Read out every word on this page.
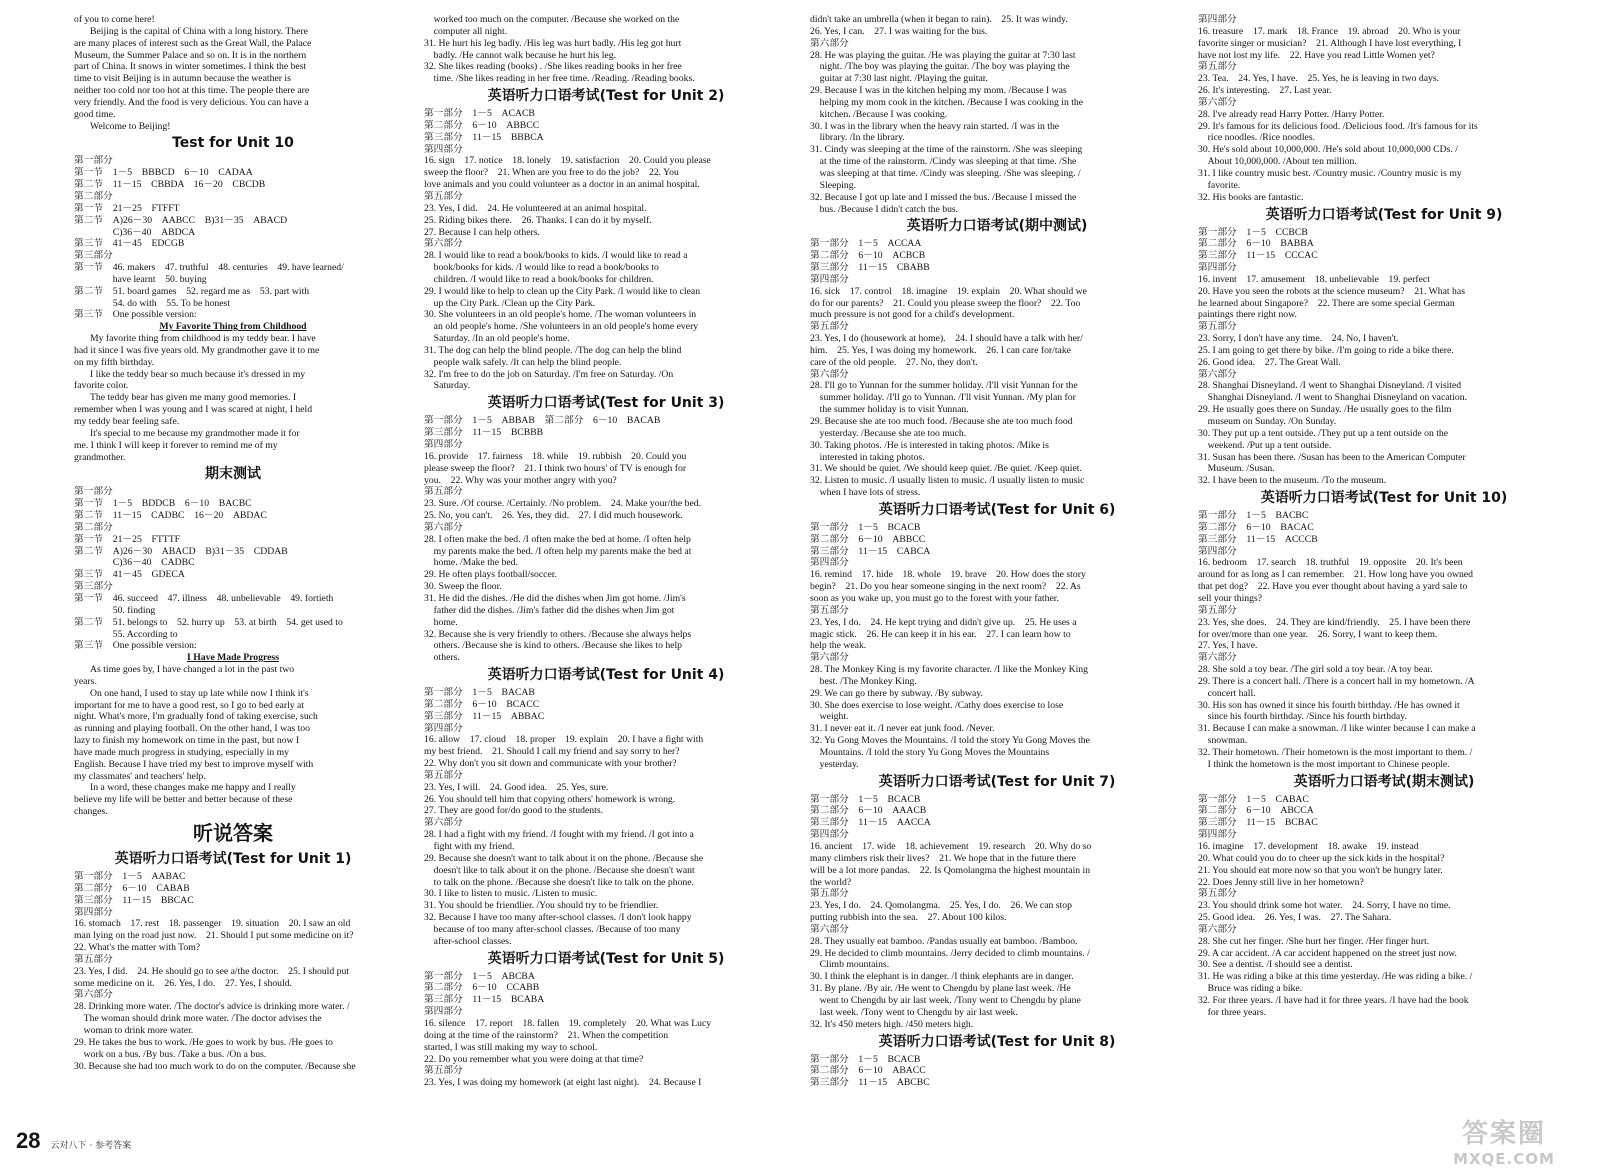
of you to come here!
Beijing is the capital of China with a long history. There
are many places of interest such as the Great Wall, the Palace
Museum, the Summer Palace and so on. It is in the northern
part of China. It snows in winter sometimes. I think the best
time to visit Beijing is in autumn because the weather is
neither too cold nor too hot at this time. The people there are
very friendly. And the food is very delicious. You can have a
good time.
Welcome to Beijing!
Test for Unit 10
第一部分
第一节　1－5　BBBCD　6－10　CADAA
第二节　11－15　CBBDA　16－20　CBCDB
第二部分
第一节　21－25　FTFFT
第二节　A)26－30　AABCC　B)31－35　ABACD
　　　　C)36－40　ABDCA
第三节　41－45　EDCGB
第三部分
第一节　46. makers　47. truthful　48. centuries　49. have learned/
　　　　have learnt　50. buying
第二节　51. board games　52. regard me as　53. part with
　　　　54. do with　55. To be honest
第三节　One possible version:
My Favorite Thing from Childhood
My favorite thing from childhood is my teddy bear. I have
had it since I was five years old. My grandmother gave it to me
on my fifth birthday.
I like the teddy bear so much because it's dressed in my
favorite color.
The teddy bear has given me many good memories. I
remember when I was young and I was scared at night, I held
my teddy bear feeling safe.
It's special to me because my grandmother made it for
me. I think I will keep it forever to remind me of my
grandmother.
期末测试
第一部分
第一节　1－5　BDDCB　6－10　BACBC
第二节　11－15　CADBC　16－20　ABDAC
第二部分
第一节　21－25　FTTTF
第二节　A)26－30　ABACD　B)31－35　CDDAB
　　　　C)36－40　CADBC
第三节　41－45　GDECA
第三部分
第一节　46. succeed　47. illness　48. unbelievable　49. fortieth
　　　　50. finding
第二节　51. belongs to　52. hurry up　53. at birth　54. get used to
　　　　55. According to
第三节　One possible version:
I Have Made Progress
As time goes by, I have changed a lot in the past two
years.
On one hand, I used to stay up late while now I think it's
important for me to have a good rest, so I go to bed early at
night. What's more, I'm gradually fond of taking exercise, such
as running and playing football. On the other hand, I was too
lazy to finish my homework on time in the past, but now I
have made much progress in studying, especially in my
English. Because I have tried my best to improve myself with
my classmates' and teachers' help.
In a word, these changes make me happy and I really
believe my life will be better and better because of these
changes.
听说答案
英语听力口语考试(Test for Unit 1)
第一部分　1－5　AABAC
第二部分　6－10　CABAB
第三部分　11－15　BBCAC
第四部分
16. stomach　17. rest　18. passenger　19. situation　20. I saw an old
man lying on the road just now.　21. Should I put some medicine on it?
22. What's the matter with Tom?
第五部分
23. Yes, I did.　24. He should go to see a/the doctor.　25. I should put
some medicine on it.　26. Yes, I do.　27. Yes, I should.
第六部分
28. Drinking more water. /The doctor's advice is drinking more water. /
　The woman should drink more water. /The doctor advises the
　woman to drink more water.
29. He takes the bus to work. /He goes to work by bus. /He goes to
　work on a bus. /By bus. /Take a bus. /On a bus.
30. Because she had too much work to do on the computer. /Because she
　worked too much on the computer. /Because she worked on the
　computer all night.
31. He hurt his leg badly. /His leg was hurt badly. /His leg got hurt
　badly. /He cannot walk because he hurt his leg.
32. She likes reading (books) . /She likes reading books in her free
　time. /She likes reading in her free time. /Reading. /Reading books.
英语听力口语考试(Test for Unit 2)
第一部分　1－5　ACACB
第二部分　6－10　ABBCC
第三部分　11－15　BBBCA
第四部分
16. sign　17. notice　18. lonely　19. satisfaction　20. Could you please
sweep the floor?　21. When are you free to do the job?　22. You
love animals and you could volunteer as a doctor in an animal hospital.
第五部分
23. Yes, I did.　24. He volunteered at an animal hospital.
25. Riding bikes there.　26. Thanks. I can do it by myself.
27. Because I can help others.
第六部分
28. I would like to read a book/books to kids. /I would like to read a
　book/books for kids. /I would like to read a book/books to
　children. /I would like to read a book/books for children.
29. I would like to help to clean up the City Park. /I would like to clean
　up the City Park. /Clean up the City Park.
30. She volunteers in an old people's home. /The woman volunteers in
　an old people's home. /She volunteers in an old people's home every
　Saturday. /In an old people's home.
31. The dog can help the blind people. /The dog can help the blind
　people walk safely. /It can help the blind people.
32. I'm free to do the job on Saturday. /I'm free on Saturday. /On
　Saturday.
英语听力口语考试(Test for Unit 3)
第一部分　1－5　ABBAB　第二部分　6－10　BACAB
第三部分　11－15　BCBBB
第四部分
16. provide　17. fairness　18. while　19. rubbish　20. Could you
please sweep the floor?　21. I think two hours' of TV is enough for
you.　22. Why was your mother angry with you?
第五部分
23. Sure. /Of course. /Certainly. /No problem.　24. Make your/the bed.
25. No, you can't.　26. Yes, they did.　27. I did much housework.
第六部分
28. I often make the bed. /I often make the bed at home. /I often help
　my parents make the bed. /I often help my parents make the bed at
　home. /Make the bed.
29. He often plays football/soccer.
30. Sweep the floor.
31. He did the dishes. /He did the dishes when Jim got home. /Jim's
　father did the dishes. /Jim's father did the dishes when Jim got
　home.
32. Because she is very friendly to others. /Because she always helps
　others. /Because she is kind to others. /Because she likes to help
　others.
英语听力口语考试(Test for Unit 4)
第一部分　1－5　BACAB
第二部分　6－10　BCACC
第三部分　11－15　ABBAC
第四部分
16. allow　17. cloud　18. proper　19. explain　20. I have a fight with
my best friend.　21. Should I call my friend and say sorry to her?
22. Why don't you sit down and communicate with your brother?
第五部分
23. Yes, I will.　24. Good idea.　25. Yes, sure.
26. You should tell him that copying others' homework is wrong.
27. They are good for/do good to the students.
第六部分
28. I had a fight with my friend. /I fought with my friend. /I got into a
　fight with my friend.
29. Because she doesn't want to talk about it on the phone. /Because she
　doesn't like to talk about it on the phone. /Because she doesn't want
　to talk on the phone. /Because she doesn't like to talk on the phone.
30. I like to listen to music. /Listen to music.
31. You should be friendlier. /You should try to be friendlier.
32. Because I have too many after-school classes. /I don't look happy
　because of too many after-school classes. /Because of too many
　after-school classes.
英语听力口语考试(Test for Unit 5)
第一部分　1－5　ABCBA
第二部分　6－10　CCABB
第三部分　11－15　BCABA
第四部分
16. silence　17. report　18. fallen　19. completely　20. What was Lucy
doing at the time of the rainstorm?　21. When the competition
started, I was still making my way to school.
22. Do you remember what you were doing at that time?
第五部分
23. Yes, I was doing my homework (at eight last night).　24. Because I
didn't take an umbrella (when it began to rain).　25. It was windy.
26. Yes, I can.　27. I was waiting for the bus.
第六部分
28. He was playing the guitar. /He was playing the guitar at 7:30 last
　night. /The boy was playing the guitar. /The boy was playing the
　guitar at 7:30 last night. /Playing the guitar.
29. Because I was in the kitchen helping my mom. /Because I was
　helping my mom cook in the kitchen. /Because I was cooking in the
　kitchen. /Because I was cooking.
30. I was in the library when the heavy rain started. /I was in the
　library. /In the library.
31. Cindy was sleeping at the time of the rainstorm. /She was sleeping
　at the time of the rainstorm. /Cindy was sleeping at that time. /She
　was sleeping at that time. /Cindy was sleeping. /She was sleeping. /
　Sleeping.
32. Because I got up late and I missed the bus. /Because I missed the
　bus. /Because I didn't catch the bus.
英语听力口语考试(期中测试)
第一部分　1－5　ACCAA
第二部分　6－10　ACBCB
第三部分　11－15　CBABB
第四部分
16. sick　17. control　18. imagine　19. explain　20. What should we
do for our parents?　21. Could you please sweep the floor?　22. Too
much pressure is not good for a child's development.
第五部分
23. Yes, I do (housework at home).　24. I should have a talk with her/
him.　25. Yes, I was doing my homework.　26. I can care for/take
care of the old people.　27. No, they don't.
第六部分
28. I'll go to Yunnan for the summer holiday. /I'll visit Yunnan for the
　summer holiday. /I'll go to Yunnan. /I'll visit Yunnan. /My plan for
　the summer holiday is to visit Yunnan.
29. Because she ate too much food. /Because she ate too much food
　yesterday. /Because she ate too much.
30. Taking photos. /He is interested in taking photos. /Mike is
　interested in taking photos.
31. We should be quiet. /We should keep quiet. /Be quiet. /Keep quiet.
32. Listen to music. /I usually listen to music. /I usually listen to music
　when I have lots of stress.
英语听力口语考试(Test for Unit 6)
第一部分　1－5　BCACB
第二部分　6－10　ABBCC
第三部分　11－15　CABCA
第四部分
16. remind　17. hide　18. whole　19. brave　20. How does the story
begin?　21. Do you hear someone singing in the next room?　22. As
soon as you wake up, you must go to the forest with your father.
第五部分
23. Yes, I do.　24. He kept trying and didn't give up.　25. He uses a
magic stick.　26. He can keep it in his ear.　27. I can learn how to
help the weak.
第六部分
28. The Monkey King is my favorite character. /I like the Monkey King
　best. /The Monkey King.
29. We can go there by subway. /By subway.
30. She does exercise to lose weight. /Cathy does exercise to lose
　weight.
31. I never eat it. /I never eat junk food. /Never.
32. Yu Gong Moves the Mountains. /I told the story Yu Gong Moves the
　Mountains. /I told the story Yu Gong Moves the Mountains
　yesterday.
英语听力口语考试(Test for Unit 7)
第一部分　1－5　BCACB
第二部分　6－10　AAACB
第三部分　11－15　AACCA
第四部分
16. ancient　17. wide　18. achievement　19. research　20. Why do so
many climbers risk their lives?　21. We hope that in the future there
will be a lot more pandas.　22. Is Qomolangma the highest mountain in
the world?
第五部分
23. Yes, I do.　24. Qomolangma.　25. Yes, I do.　26. We can stop
putting rubbish into the sea.　27. About 100 kilos.
第六部分
28. They usually eat bamboo. /Pandas usually eat bamboo. /Bamboo.
29. He decided to climb mountains. /Jerry decided to climb mountains. /
　Climb mountains.
30. I think the elephant is in danger. /I think elephants are in danger.
31. By plane. /By air. /He went to Chengdu by plane last week. /He
　went to Chengdu by air last week. /Tony went to Chengdu by plane
　last week. /Tony went to Chengdu by air last week.
32. It's 450 meters high. /450 meters high.
英语听力口语考试(Test for Unit 8)
第一部分　1－5　BCACB
第二部分　6－10　ABACC
第三部分　11－15　ABCBC
第四部分
16. treasure　17. mark　18. France　19. abroad　20. Who is your
favorite singer or musician?　21. Although I have lost everything, I
have not lost my life.　22. Have you read Little Women yet?
第五部分
23. Tea.　24. Yes, I have.　25. Yes, he is leaving in two days.
26. It's interesting.　27. Last year.
第六部分
28. I've already read Harry Potter. /Harry Potter.
29. It's famous for its delicious food. /Delicious food. /It's famous for its
　rice noodles. /Rice noodles.
30. He's sold about 10,000,000. /He's sold about 10,000,000 CDs. /
　About 10,000,000. /About ten million.
31. I like country music best. /Country music. /Country music is my
　favorite.
32. His books are fantastic.
英语听力口语考试(Test for Unit 9)
第一部分　1－5　CCBCB
第二部分　6－10　BABBA
第三部分　11－15　CCCAC
第四部分
16. invent　17. amusement　18. unbelievable　19. perfect
20. Have you seen the robots at the science museum?　21. What has
he learned about Singapore?　22. There are some special German
paintings there right now.
第五部分
23. Sorry, I don't have any time.　24. No, I haven't.
25. I am going to get there by bike. /I'm going to ride a bike there.
26. Good idea.　27. The Great Wall.
第六部分
28. Shanghai Disneyland. /I went to Shanghai Disneyland. /I visited
　Shanghai Disneyland. /I went to Shanghai Disneyland on vacation.
29. He usually goes there on Sunday. /He usually goes to the film
　museum on Sunday. /On Sunday.
30. They put up a tent outside. /They put up a tent outside on the
　weekend. /Put up a tent outside.
31. Susan has been there. /Susan has been to the American Computer
　Museum. /Susan.
32. I have been to the museum. /To the museum.
英语听力口语考试(Test for Unit 10)
第一部分　1－5　BACBC
第二部分　6－10　BACAC
第三部分　11－15　ACCCB
第四部分
16. bedroom　17. search　18. truthful　19. opposite　20. It's been
around for as long as I can remember.　21. How long have you owned
that pet dog?　22. Have you ever thought about having a yard sale to
sell your things?
第五部分
23. Yes, she does.　24. They are kind/friendly.　25. I have been there
for over/more than one year.　26. Sorry, I want to keep them.
27. Yes, I have.
第六部分
28. She sold a toy bear. /The girl sold a toy bear. /A toy bear.
29. There is a concert hall. /There is a concert hall in my hometown. /A
　concert hall.
30. His son has owned it since his fourth birthday. /He has owned it
　since his fourth birthday. /Since his fourth birthday.
31. Because I can make a snowman. /I like winter because I can make a
　snowman.
32. Their hometown. /Their hometown is the most important to them. /
　I think the hometown is the most important to Chinese people.
英语听力口语考试(期末测试)
第一部分　1－5　CABAC
第二部分　6－10　ABCCA
第三部分　11－15　BCBAC
第四部分
16. imagine　17. development　18. awake　19. instead
20. What could you do to cheer up the sick kids in the hospital?
21. You should eat more now so that you won't be hungry later.
22. Does Jenny still live in her hometown?
第五部分
23. You should drink some hot water.　24. Sorry, I have no time.
25. Good idea.　26. Yes, I was.　27. The Sahara.
第六部分
28. She cut her finger. /She hurt her finger. /Her finger hurt.
29. A car accident. /A car accident happened on the street just now.
30. See a dentist. /I should see a dentist.
31. He was riding a bike at this time yesterday. /He was riding a bike. /
　Bruce was riding a bike.
32. For three years. /I have had it for three years. /I have had the book
　for three years.
28 云对八下 · 参考答案	答案圈
MXQE.COM
